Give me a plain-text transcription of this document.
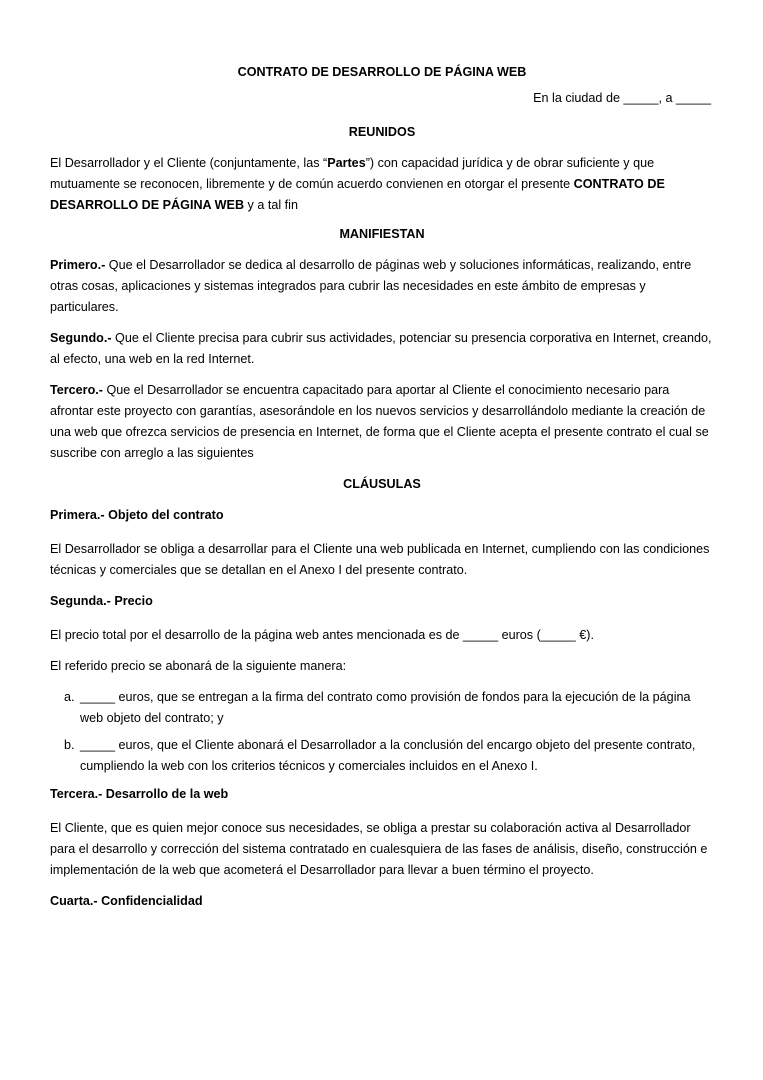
CONTRATO DE DESARROLLO DE PÁGINA WEB

En la ciudad de _____, a _____

REUNIDOS

El Desarrollador y el Cliente (conjuntamente, las “Partes”) con capacidad jurídica y de obrar suficiente y que mutuamente se reconocen, libremente y de común acuerdo convienen en otorgar el presente CONTRATO DE DESARROLLO DE PÁGINA WEB y a tal fin

MANIFIESTAN

Primero.- Que el Desarrollador se dedica al desarrollo de páginas web y soluciones informáticas, realizando, entre otras cosas, aplicaciones y sistemas integrados para cubrir las necesidades en este ámbito de empresas y particulares.

Segundo.- Que el Cliente precisa para cubrir sus actividades, potenciar su presencia corporativa en Internet, creando, al efecto, una web en la red Internet.

Tercero.- Que el Desarrollador se encuentra capacitado para aportar al Cliente el conocimiento necesario para afrontar este proyecto con garantías, asesorándole en los nuevos servicios y desarrollándolo mediante la creación de una web que ofrezca servicios de presencia en Internet, de forma que el Cliente acepta el presente contrato el cual se suscribe con arreglo a las siguientes

CLÁUSULAS

Primera.- Objeto del contrato

El Desarrollador se obliga a desarrollar para el Cliente una web publicada en Internet, cumpliendo con las condiciones técnicas y comerciales que se detallan en el Anexo I del presente contrato.

Segunda.- Precio

El precio total por el desarrollo de la página web antes mencionada es de _____ euros (_____ €).

El referido precio se abonará de la siguiente manera:

a. _____ euros, que se entregan a la firma del contrato como provisión de fondos para la ejecución de la página web objeto del contrato; y
b. _____ euros, que el Cliente abonará el Desarrollador a la conclusión del encargo objeto del presente contrato, cumpliendo la web con los criterios técnicos y comerciales incluidos en el Anexo I.

Tercera.- Desarrollo de la web

El Cliente, que es quien mejor conoce sus necesidades, se obliga a prestar su colaboración activa al Desarrollador para el desarrollo y corrección del sistema contratado en cualesquiera de las fases de análisis, diseño, construcción e implementación de la web que acometerá el Desarrollador para llevar a buen término el proyecto.

Cuarta.- Confidencialidad
